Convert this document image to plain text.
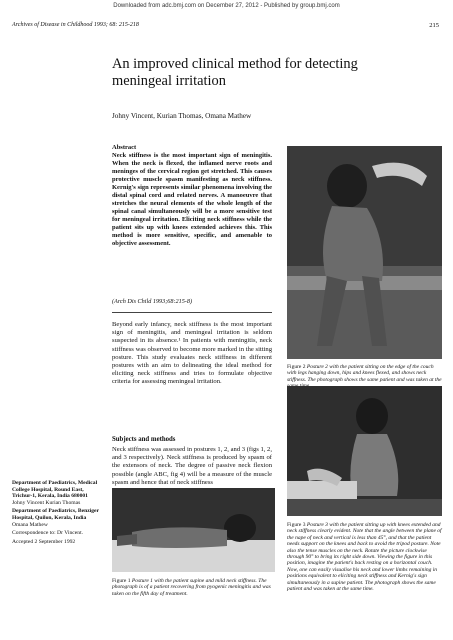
Downloaded from adc.bmj.com on December 27, 2012 - Published by group.bmj.com
Archives of Disease in Childhood 1993; 68: 215-218	215
An improved clinical method for detecting meningeal irritation
Johny Vincent, Kurian Thomas, Omana Mathew
Abstract
Neck stiffness is the most important sign of meningitis. When the neck is flexed, the inflamed nerve roots and meninges of the cervical region get stretched. This causes protective muscle spasm manifesting as neck stiffness. Kernig's sign represents similar phenomena involving the distal spinal cord and related nerves. A manoeuvre that stretches the neural elements of the whole length of the spinal canal simultaneously will be a more sensitive test for meningeal irritation. Eliciting neck stiffness while the patient sits up with knees extended achieves this. This method is more sensitive, specific, and amenable to objective assessment.
(Arch Dis Child 1993;68:215-8)
Beyond early infancy, neck stiffness is the most important sign of meningitis, and meningeal irritation is seldom suspected in its absence.¹ In patients with meningitis, neck stiffness was observed to become more marked in the sitting posture. This study evaluates neck stiffness in different postures with an aim to delineating the ideal method for eliciting neck stiffness and tries to formulate objective criteria for assessing meningeal irritation.
Subjects and methods
Neck stiffness was assessed in postures 1, 2, and 3 (figs 1, 2, and 3 respectively). Neck stiffness is produced by spasm of the extensors of neck. The degree of passive neck flexion possible (angle ABC, fig 4) will be a measure of the muscle spasm and hence that of neck stiffness
Department of Paediatrics, Medical College Hospital, Round East, Trichur-1, Kerala, India 680001
Johny Vincent Kurian Thomas
Department of Paediatrics, Benziger Hospital, Quilon, Kerala, India
Omana Mathew
Correspondence to: Dr Vincent.
Accepted 2 September 1992
Figure 2 Posture 2 with the patient sitting on the edge of the couch with legs hanging down, hips and knees flexed, and shows neck stiffness. The photograph shows the same patient and was taken at the
Figure 3 Posture 3 with the patient sitting up with knees extended and neck stiffness clearly evident. Note that the angle between the plane of the nape of neck and vertical is less than 45°, and that the patient needs support on the knees and back to avoid the tripod posture. Note also the tense muscles on the neck. Rotate the picture clockwise through 90° to bring its right side down. Viewing the figure in this position, imagine the patient's back resting on a horizontal couch. Now, one can easily visualise his neck and lower limbs remaining in positions equivalent to eliciting neck stiffness and Kernig's sign simultaneously in a supine patient. The photograph shows the same patient and was taken at the same time.
Figure 1 Posture 1 with the patient supine and mild neck stiffness. The photograph is of a patient recovering from pyogenic meningitis and was taken on the fifth day of treatment.
